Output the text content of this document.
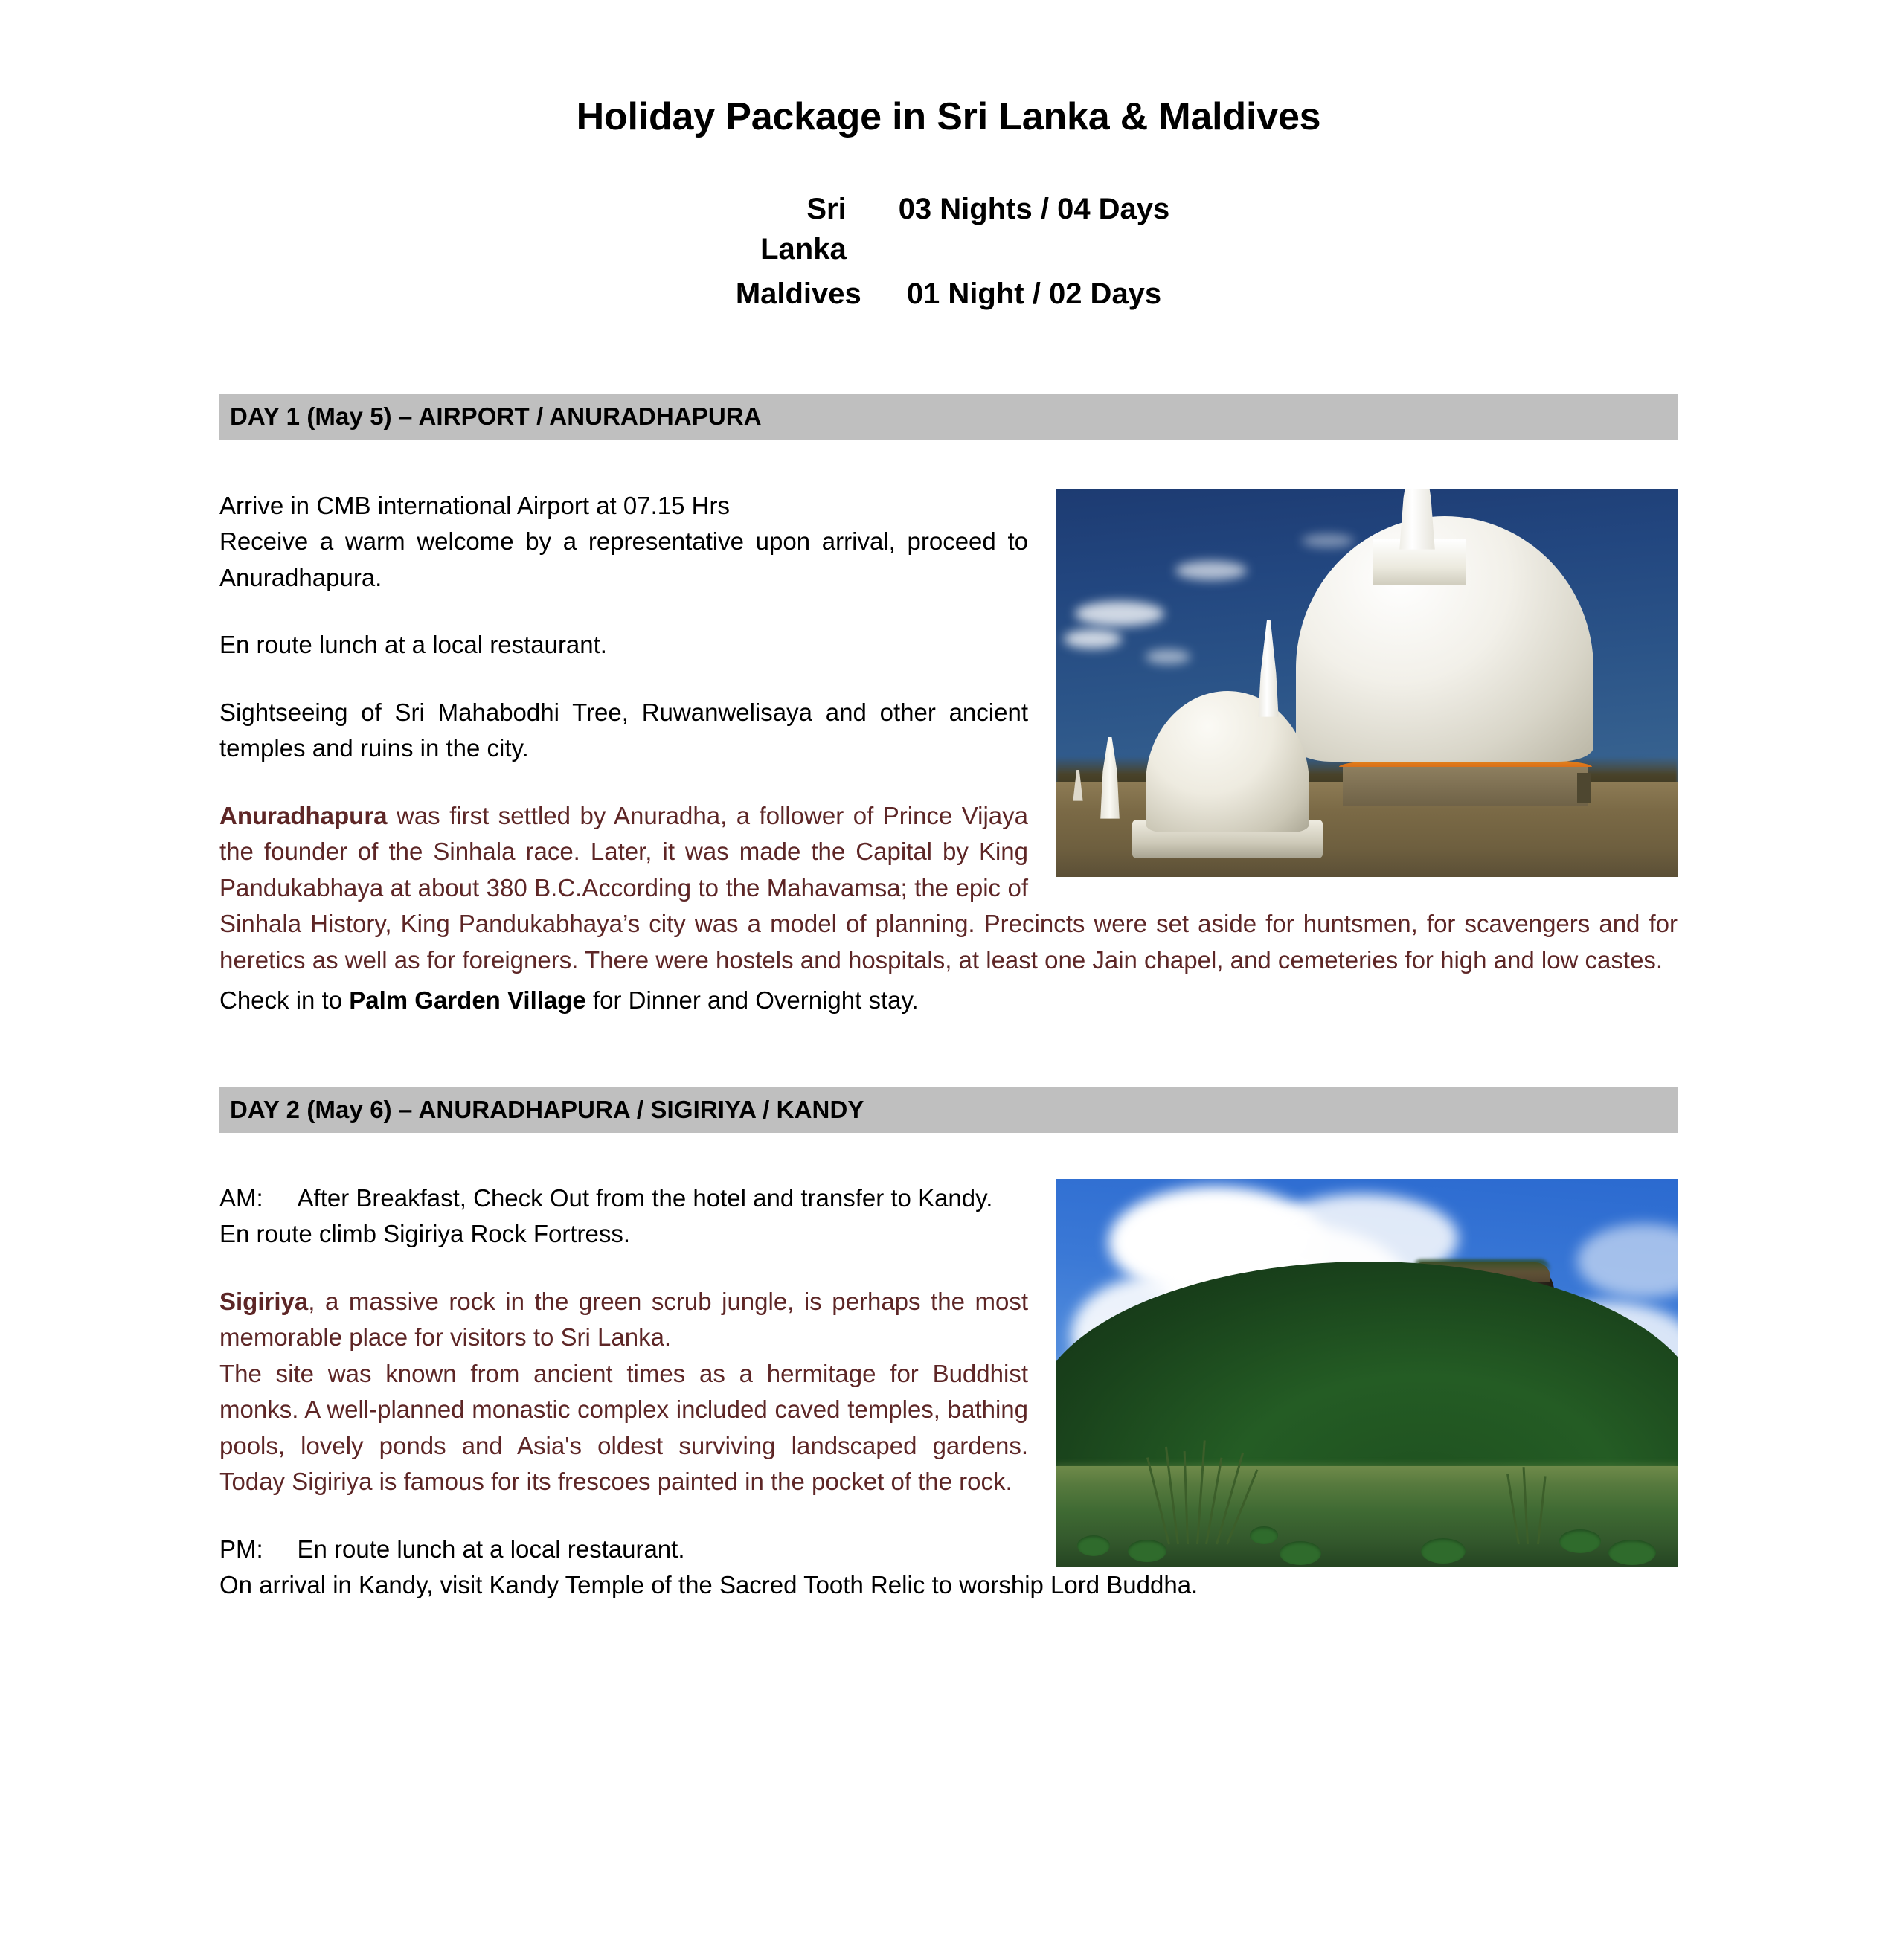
Holiday Package in Sri Lanka & Maldives
Sri Lanka
03 Nights / 04 Days
Maldives	01 Night / 02 Days
DAY 1 (May 5) – AIRPORT / ANURADHAPURA

Arrive in CMB international Airport at 07.15 Hrs

Receive a warm welcome by a representative upon arrival, proceed to Anuradhapura.

En route lunch at a local restaurant.

Sightseeing of Sri Mahabodhi Tree, Ruwanwelisaya and other ancient temples and ruins in the city.

Anuradhapura was first settled by Anuradha, a follower of Prince Vijaya the founder of the Sinhala race. Later, it was made the Capital by King Pandukabhaya at about 380 B.C.According to the Mahavamsa; the epic of Sinhala History, King Pandukabhaya’s city was a model of planning. Precincts were set aside for huntsmen, for scavengers and for heretics as well as for foreigners. There were hostels and hospitals, at least one Jain chapel, and cemeteries for high and low castes.

Check in to Palm Garden Village for Dinner and Overnight stay.

DAY 2 (May 6) – ANURADHAPURA / SIGIRIYA / KANDY

AM: After Breakfast, Check Out from the hotel and transfer to Kandy.

En route climb Sigiriya Rock Fortress.

Sigiriya, a massive rock in the green scrub jungle, is perhaps the most memorable place for visitors to Sri Lanka.

The site was known from ancient times as a hermitage for Buddhist monks. A well-planned monastic complex included caved temples, bathing pools, lovely ponds and Asia's oldest surviving landscaped gardens. Today Sigiriya is famous for its frescoes painted in the pocket of the rock.

PM: En route lunch at a local restaurant.

On arrival in Kandy, visit Kandy Temple of the Sacred Tooth Relic to worship Lord Buddha.
